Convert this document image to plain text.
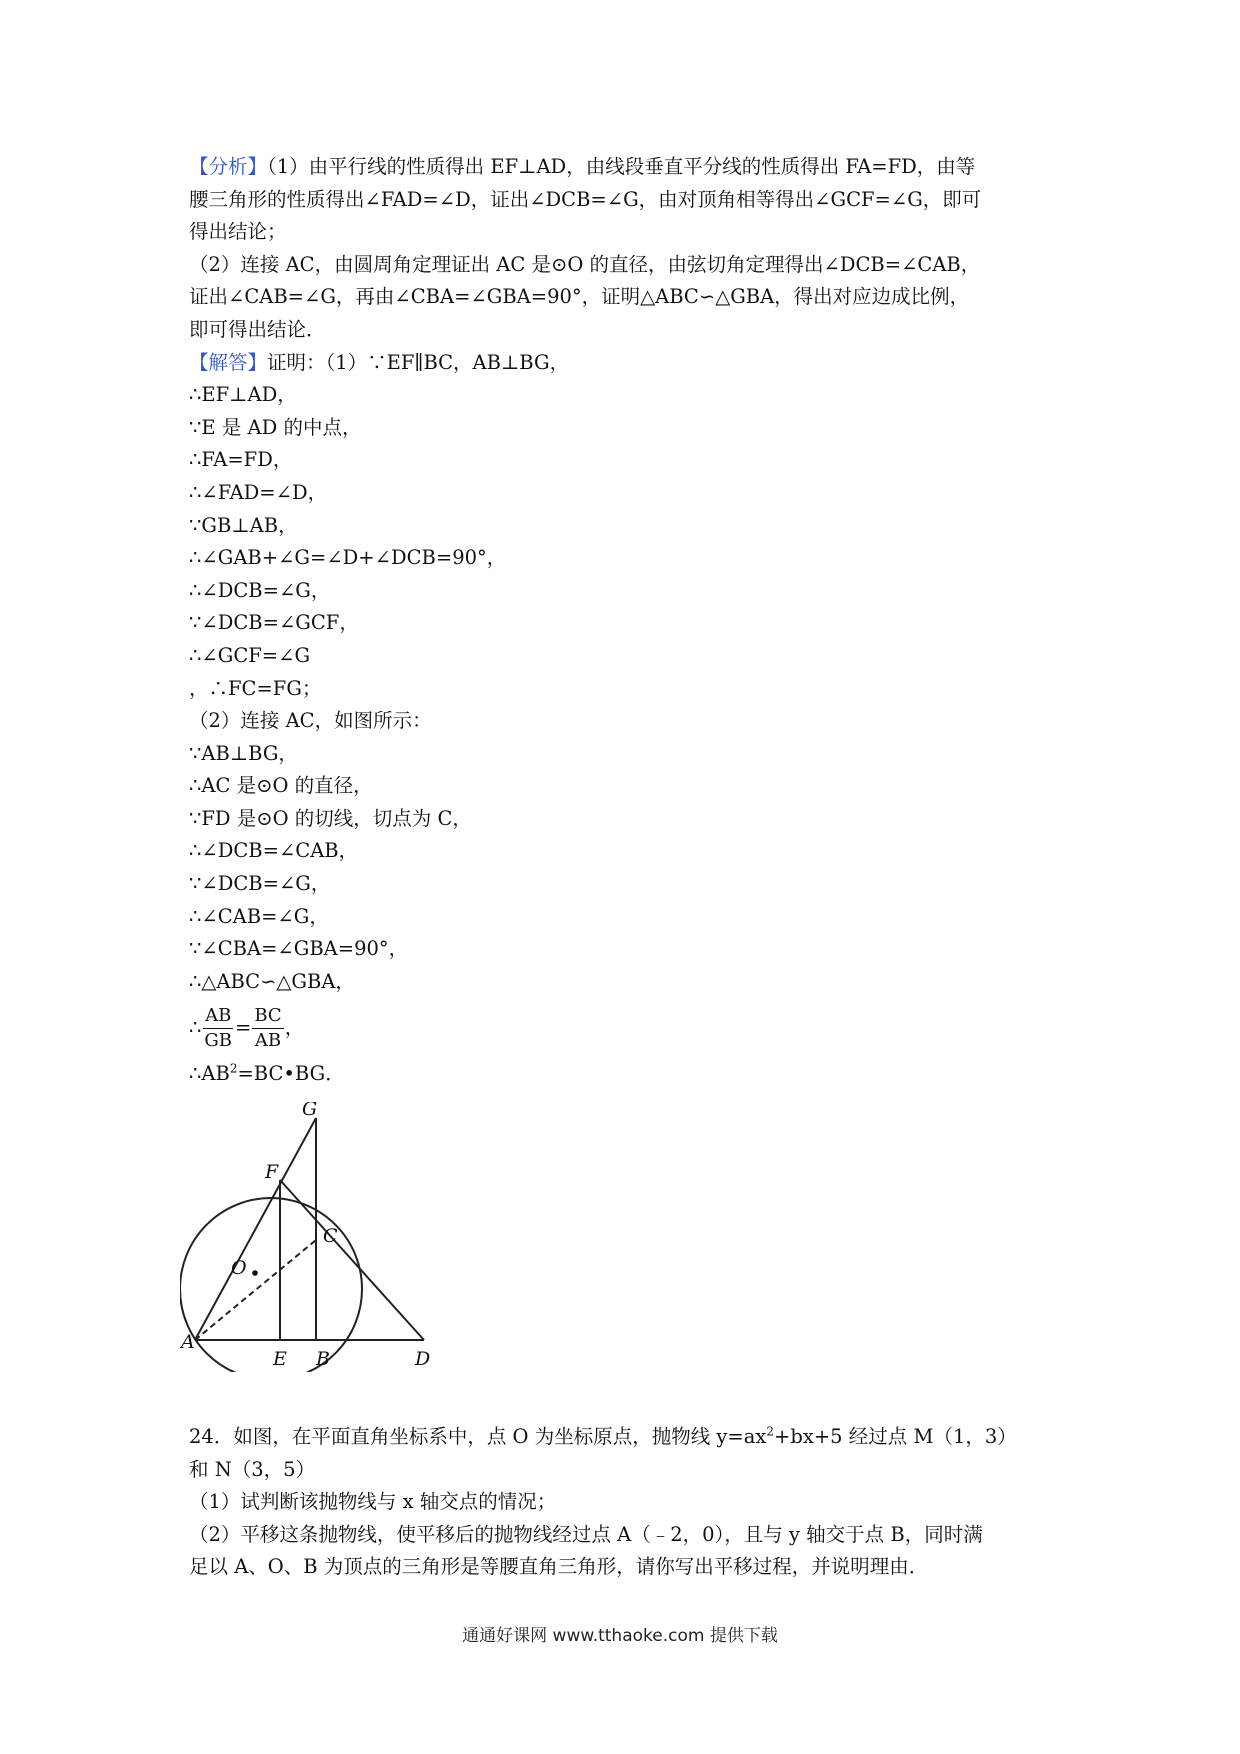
【分析】（1）由平行线的性质得出 EF⊥AD，由线段垂直平分线的性质得出 FA=FD，由等
腰三角形的性质得出∠FAD=∠D，证出∠DCB=∠G，由对顶角相等得出∠GCF=∠G，即可
得出结论；
（2）连接 AC，由圆周角定理证出 AC 是⊙O 的直径，由弦切角定理得出∠DCB=∠CAB，
证出∠CAB=∠G，再由∠CBA=∠GBA=90°，证明△ABC∽△GBA，得出对应边成比例，
即可得出结论．
【解答】证明：（1）∵EF∥BC，AB⊥BG，
∴EF⊥AD，
∵E 是 AD 的中点，
∴FA=FD，
∴∠FAD=∠D，
∵GB⊥AB，
∴∠GAB+∠G=∠D+∠DCB=90°，
∴∠DCB=∠G，
∵∠DCB=∠GCF，
∴∠GCF=∠G
，∴FC=FG；
（2）连接 AC，如图所示：
∵AB⊥BG，
∴AC 是⊙O 的直径，
∵FD 是⊙O 的切线，切点为 C，
∴∠DCB=∠CAB，
∵∠DCB=∠G，
∴∠CAB=∠G，
∵∠CBA=∠GBA=90°，
∴△ABC∽△GBA，
∴ $\frac{AB}{GB} = \frac{BC}{AB}$ ，
$\therefore AB^2=BC•BG$．
G
F
C
O
A
E B	D
24．如图，在平面直角坐标系中，点 O 为坐标原点，抛物线 $y=ax^2+bx+5$ 经过点 M（1，3）
和 N（3，5）
（1）试判断该抛物线与 x 轴交点的情况；
（2）平移这条抛物线，使平移后的抛物线经过点 A（﹣2，0），且与 y 轴交于点 B，同时满
足以 A、O、B 为顶点的三角形是等腰直角三角形，请你写出平移过程，并说明理由．
通通好课网 www.tthaoke.com 提供下载
